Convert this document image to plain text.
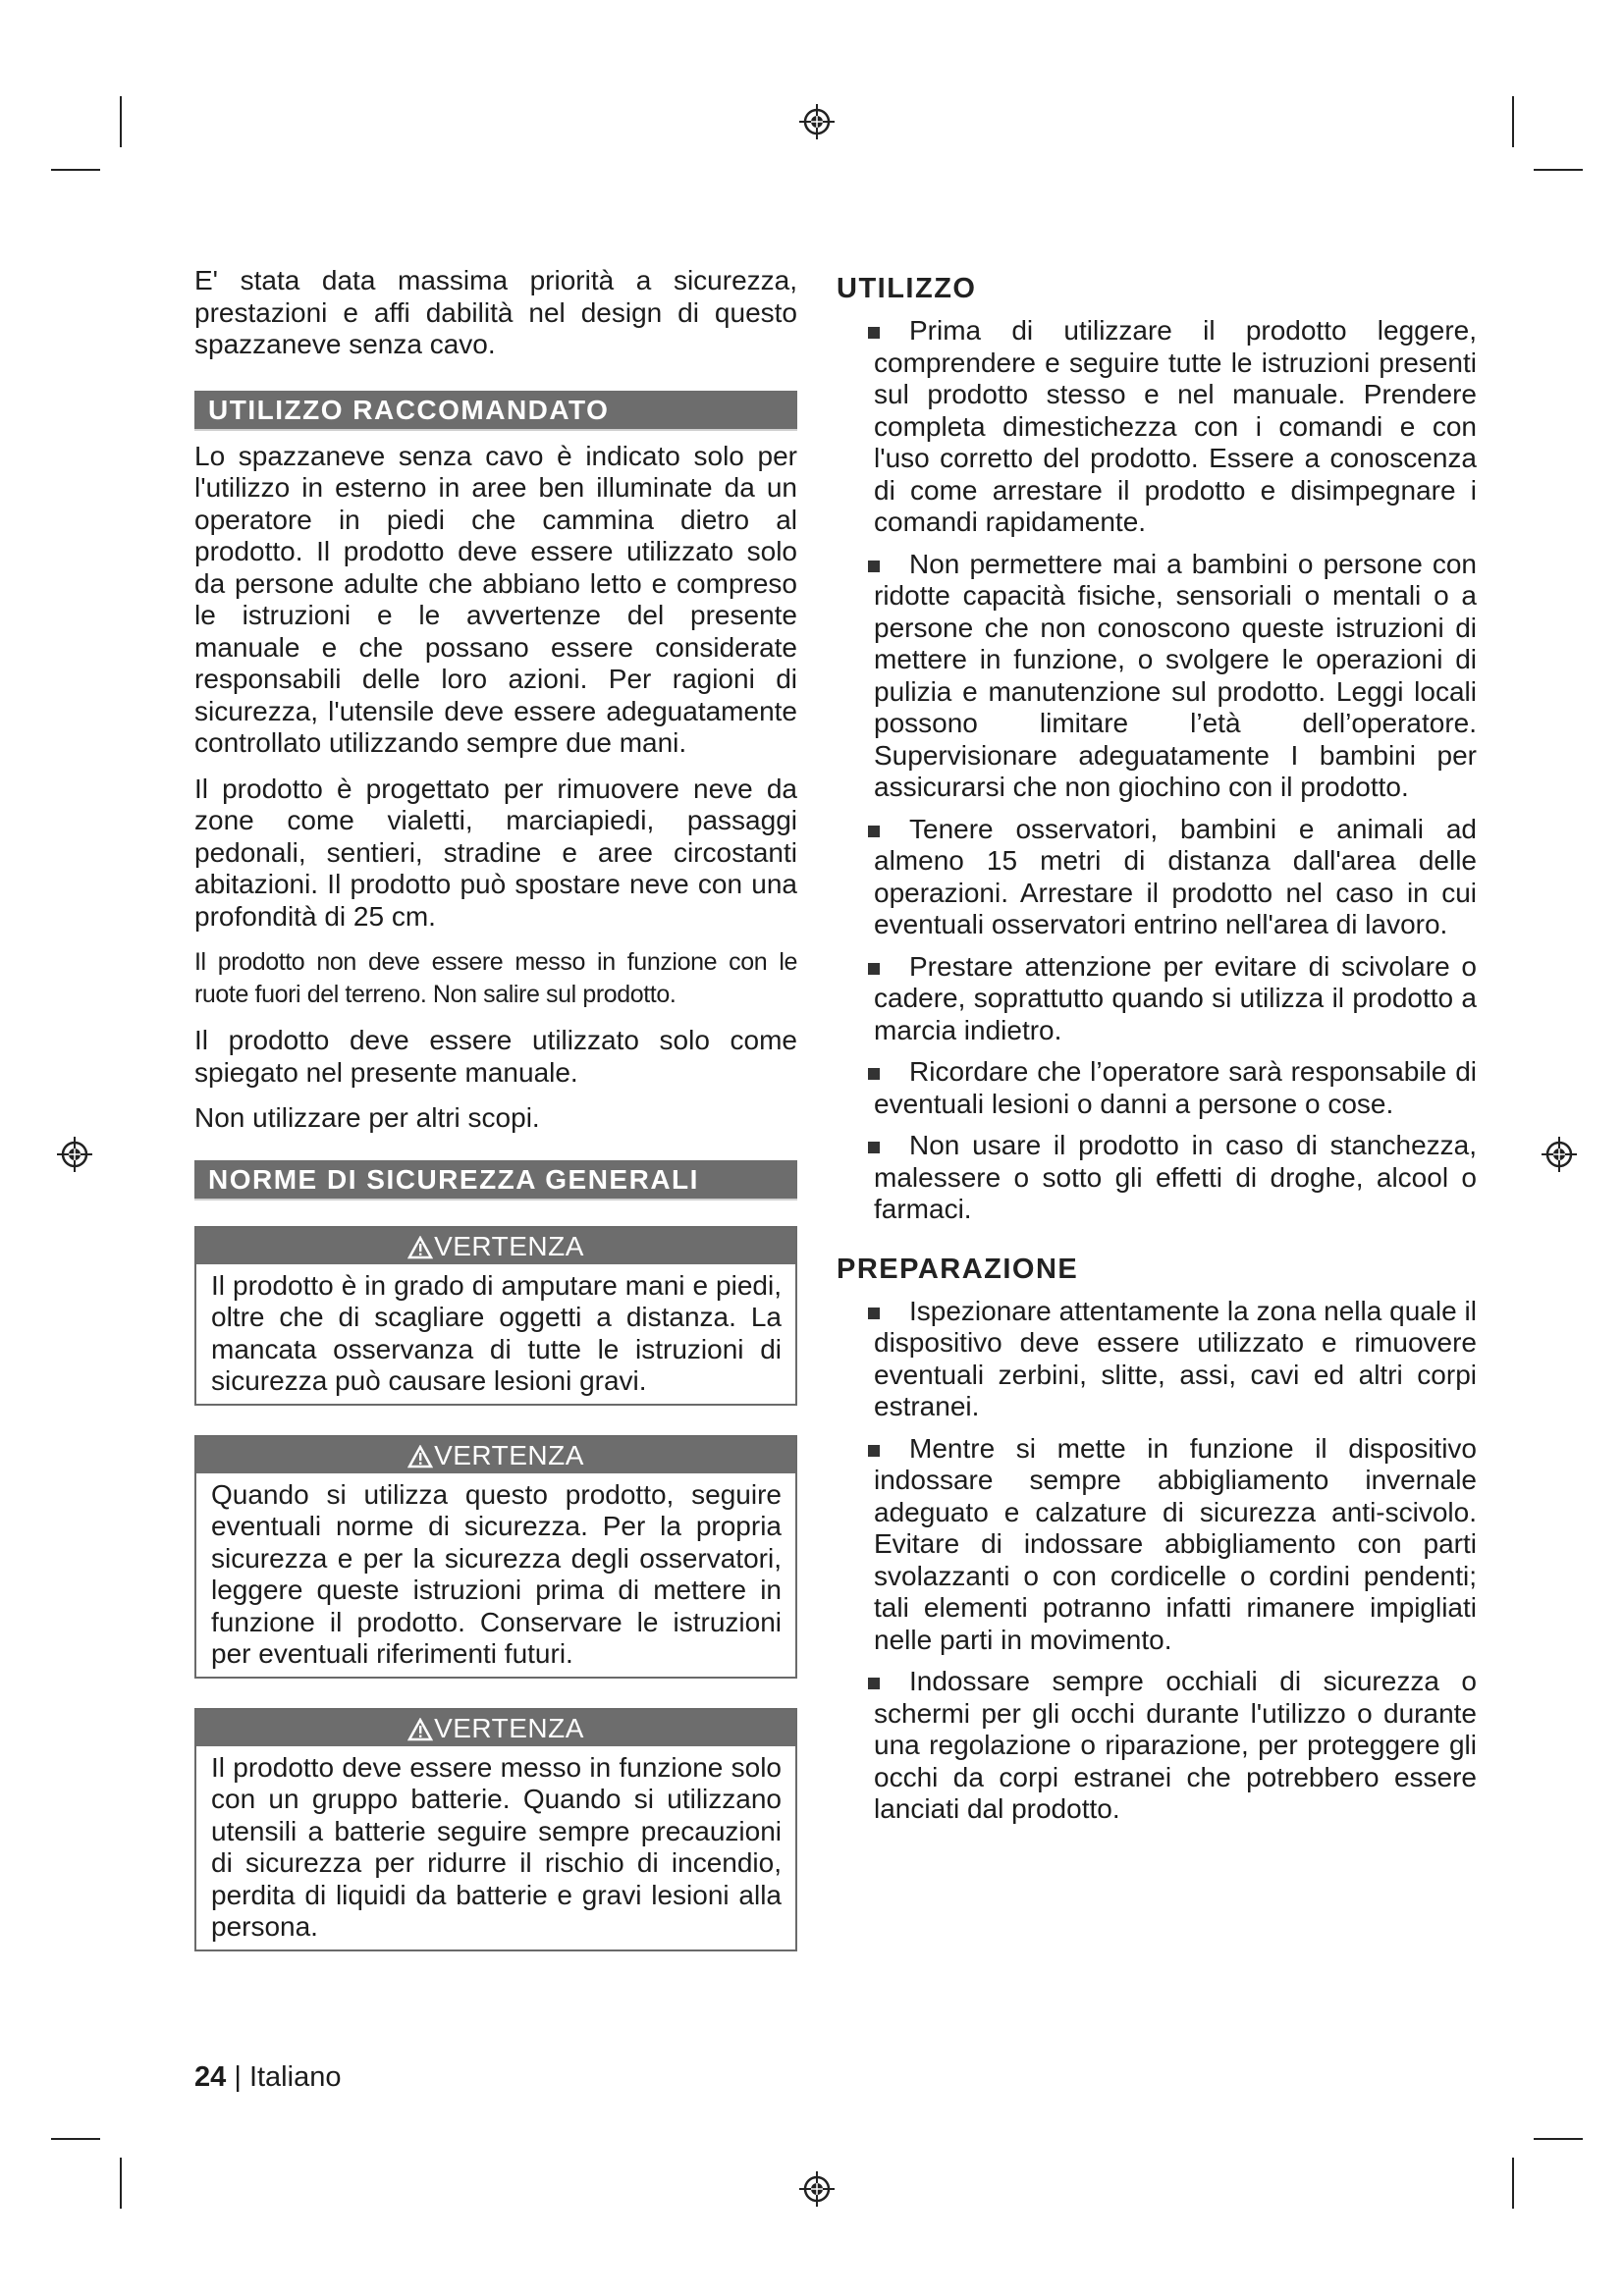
E' stata data massima priorità a sicurezza, prestazioni e affi dabilità nel design di questo spazzaneve senza cavo.

UTILIZZO RACCOMANDATO

Lo spazzaneve senza cavo è indicato solo per l'utilizzo in esterno in aree ben illuminate da un operatore in piedi che cammina dietro al prodotto. Il prodotto deve essere utilizzato solo da persone adulte che abbiano letto e compreso le istruzioni e le avvertenze del presente manuale e che possano essere considerate responsabili delle loro azioni. Per ragioni di sicurezza, l'utensile deve essere adeguatamente controllato utilizzando sempre due mani.

Il prodotto è progettato per rimuovere neve da zone come vialetti, marciapiedi, passaggi pedonali, sentieri, stradine e aree circostanti abitazioni. Il prodotto può spostare neve con una profondità di 25 cm.

Il prodotto non deve essere messo in funzione con le ruote fuori del terreno. Non salire sul prodotto.

Il prodotto deve essere utilizzato solo come spiegato nel presente manuale.

Non utilizzare per altri scopi.

NORME DI SICUREZZA GENERALI
VERTENZA

Il prodotto è in grado di amputare mani e piedi, oltre che di scagliare oggetti a distanza. La mancata osservanza di tutte le istruzioni di sicurezza può causare lesioni gravi.

VERTENZA

Quando si utilizza questo prodotto, seguire eventuali norme di sicurezza. Per la propria sicurezza e per la sicurezza degli osservatori, leggere queste istruzioni prima di mettere in funzione il prodotto. Conservare le istruzioni per eventuali riferimenti futuri.

VERTENZA

Il prodotto deve essere messo in funzione solo con un gruppo batterie. Quando si utilizzano utensili a batterie seguire sempre precauzioni di sicurezza per ridurre il rischio di incendio, perdita di liquidi da batterie e gravi lesioni alla persona.

UTILIZZO
Prima di utilizzare il prodotto leggere, comprendere e seguire tutte le istruzioni presenti sul prodotto stesso e nel manuale. Prendere completa dimestichezza con i comandi e con l'uso corretto del prodotto. Essere a conoscenza di come arrestare il prodotto e disimpegnare i comandi rapidamente.
Non permettere mai a bambini o persone con ridotte capacità fisiche, sensoriali o mentali o a persone che non conoscono queste istruzioni di mettere in funzione, o svolgere le operazioni di pulizia e manutenzione sul prodotto. Leggi locali possono limitare l’età dell’operatore. Supervisionare adeguatamente I bambini per assicurarsi che non giochino con il prodotto.
Tenere osservatori, bambini e animali ad almeno 15 metri di distanza dall'area delle operazioni. Arrestare il prodotto nel caso in cui eventuali osservatori entrino nell'area di lavoro.
Prestare attenzione per evitare di scivolare o cadere, soprattutto quando si utilizza il prodotto a marcia indietro.
Ricordare che l’operatore sarà responsabile di eventuali lesioni o danni a persone o cose.
Non usare il prodotto in caso di stanchezza, malessere o sotto gli effetti di droghe, alcool o farmaci.
PREPARAZIONE
Ispezionare attentamente la zona nella quale il dispositivo deve essere utilizzato e rimuovere eventuali zerbini, slitte, assi, cavi ed altri corpi estranei.
Mentre si mette in funzione il dispositivo indossare sempre abbigliamento invernale adeguato e calzature di sicurezza anti-scivolo. Evitare di indossare abbigliamento con parti svolazzanti o con cordicelle o cordini pendenti; tali elementi potranno infatti rimanere impigliati nelle parti in movimento.
Indossare sempre occhiali di sicurezza o schermi per gli occhi durante l'utilizzo o durante una regolazione o riparazione, per proteggere gli occhi da corpi estranei che potrebbero essere lanciati dal prodotto.
24 | Italiano
